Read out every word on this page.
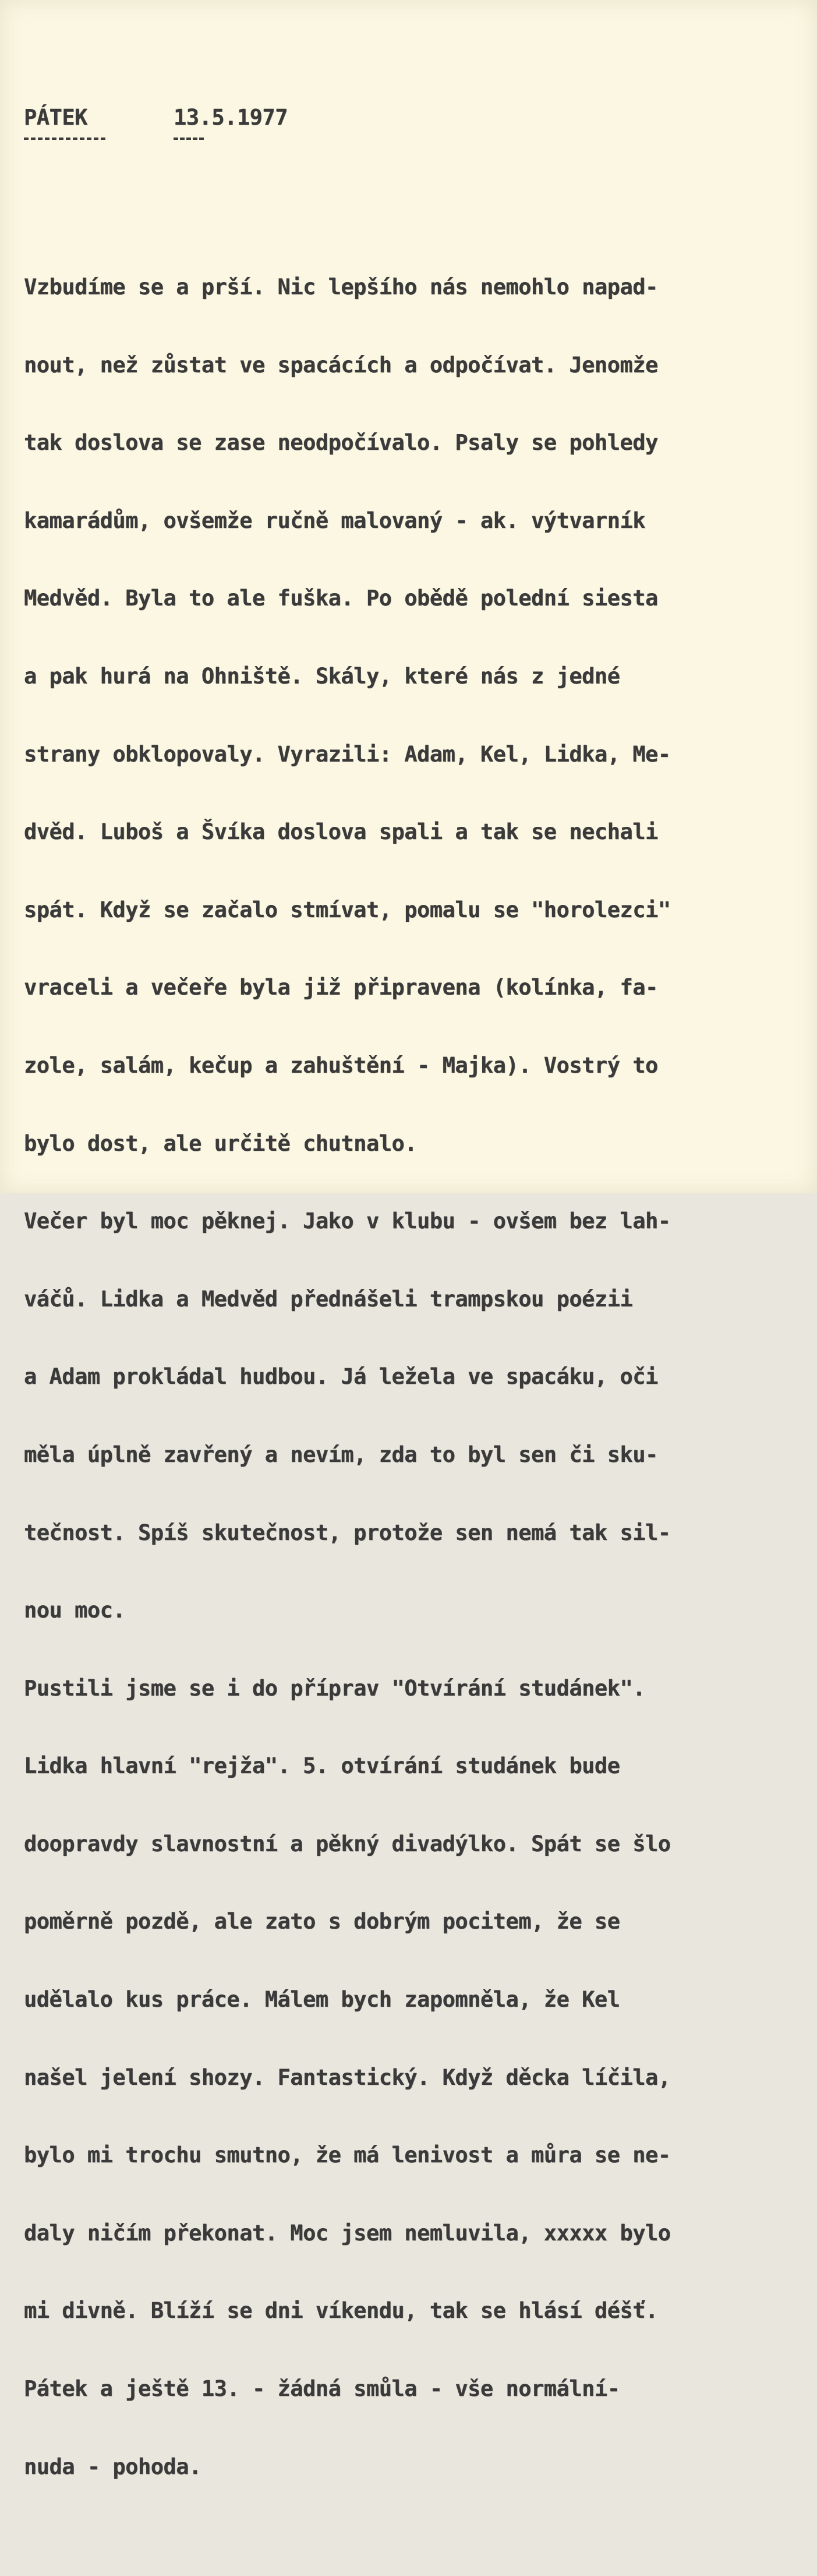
PÁTEK

	13.5.1977

Vzbudíme se a prší. Nic lepšího nás nemohlo napad-

nout, než zůstat ve spacácích a odpočívat. Jenomže

tak doslova se zase neodpočívalo. Psaly se pohledy

kamarádům, ovšemže ručně malovaný - ak. výtvarník

Medvěd. Byla to ale fuška. Po obědě polední siesta

a pak hurá na Ohniště. Skály, které nás z jedné

strany obklopovaly. Vyrazili: Adam, Kel, Lidka, Me-

dvěd. Luboš a Švíka doslova spali a tak se nechali

spát. Když se začalo stmívat, pomalu se "horolezci"

vraceli a večeře byla již připravena (kolínka, fa-

zole, salám, kečup a zahuštění - Majka). Vostrý to

bylo dost, ale určitě chutnalo.

Večer byl moc pěknej. Jako v klubu - ovšem bez lah-

váčů. Lidka a Medvěd přednášeli trampskou poézii

a Adam prokládal hudbou. Já ležela ve spacáku, oči

měla úplně zavřený a nevím, zda to byl sen či sku-

tečnost. Spíš skutečnost, protože sen nemá tak sil-

nou moc.

Pustili jsme se i do příprav "Otvírání studánek".

Lidka hlavní "rejža". 5. otvírání studánek bude

doopravdy slavnostní a pěkný divadýlko. Spát se šlo

poměrně pozdě, ale zato s dobrým pocitem, že se

udělalo kus práce. Málem bych zapomněla, že Kel

našel jelení shozy. Fantastický. Když děcka líčila,

bylo mi trochu smutno, že má lenivost a můra se ne-

daly ničím překonat. Moc jsem nemluvila, xxxxx bylo

mi divně. Blíží se dni víkendu, tak se hlásí déšť.

Pátek a ještě 13. - žádná smůla - vše normální-

nuda - pohoda.
